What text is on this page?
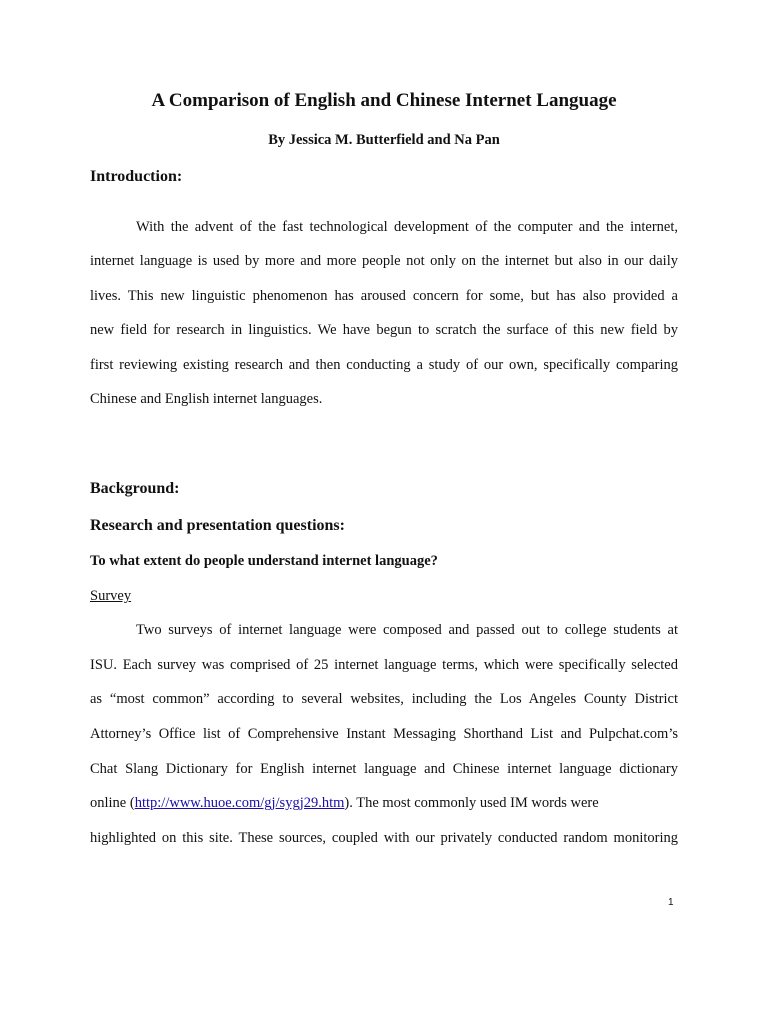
A Comparison of English and Chinese Internet Language
By Jessica M. Butterfield and Na Pan
Introduction:
With the advent of the fast technological development of the computer and the internet,
internet language is used by more and more people not only on the internet but also in our daily
lives. This new linguistic phenomenon has aroused concern for some, but has also provided a
new field for research in linguistics. We have begun to scratch the surface of this new field by
first reviewing existing research and then conducting a study of our own, specifically comparing
Chinese and English internet languages.
Background:
Research and presentation questions:
To what extent do people understand internet language?
Survey
Two surveys of internet language were composed and passed out to college students at
ISU. Each survey was comprised of 25 internet language terms, which were specifically selected
as “most common” according to several websites, including the Los Angeles County District
Attorney’s Office list of Comprehensive Instant Messaging Shorthand List and Pulpchat.com’s
Chat Slang Dictionary for English internet language and Chinese internet language dictionary
online (http://www.huoe.com/gj/sygj29.htm). The most commonly used IM words were
highlighted on this site. These sources, coupled with our privately conducted random monitoring
1
